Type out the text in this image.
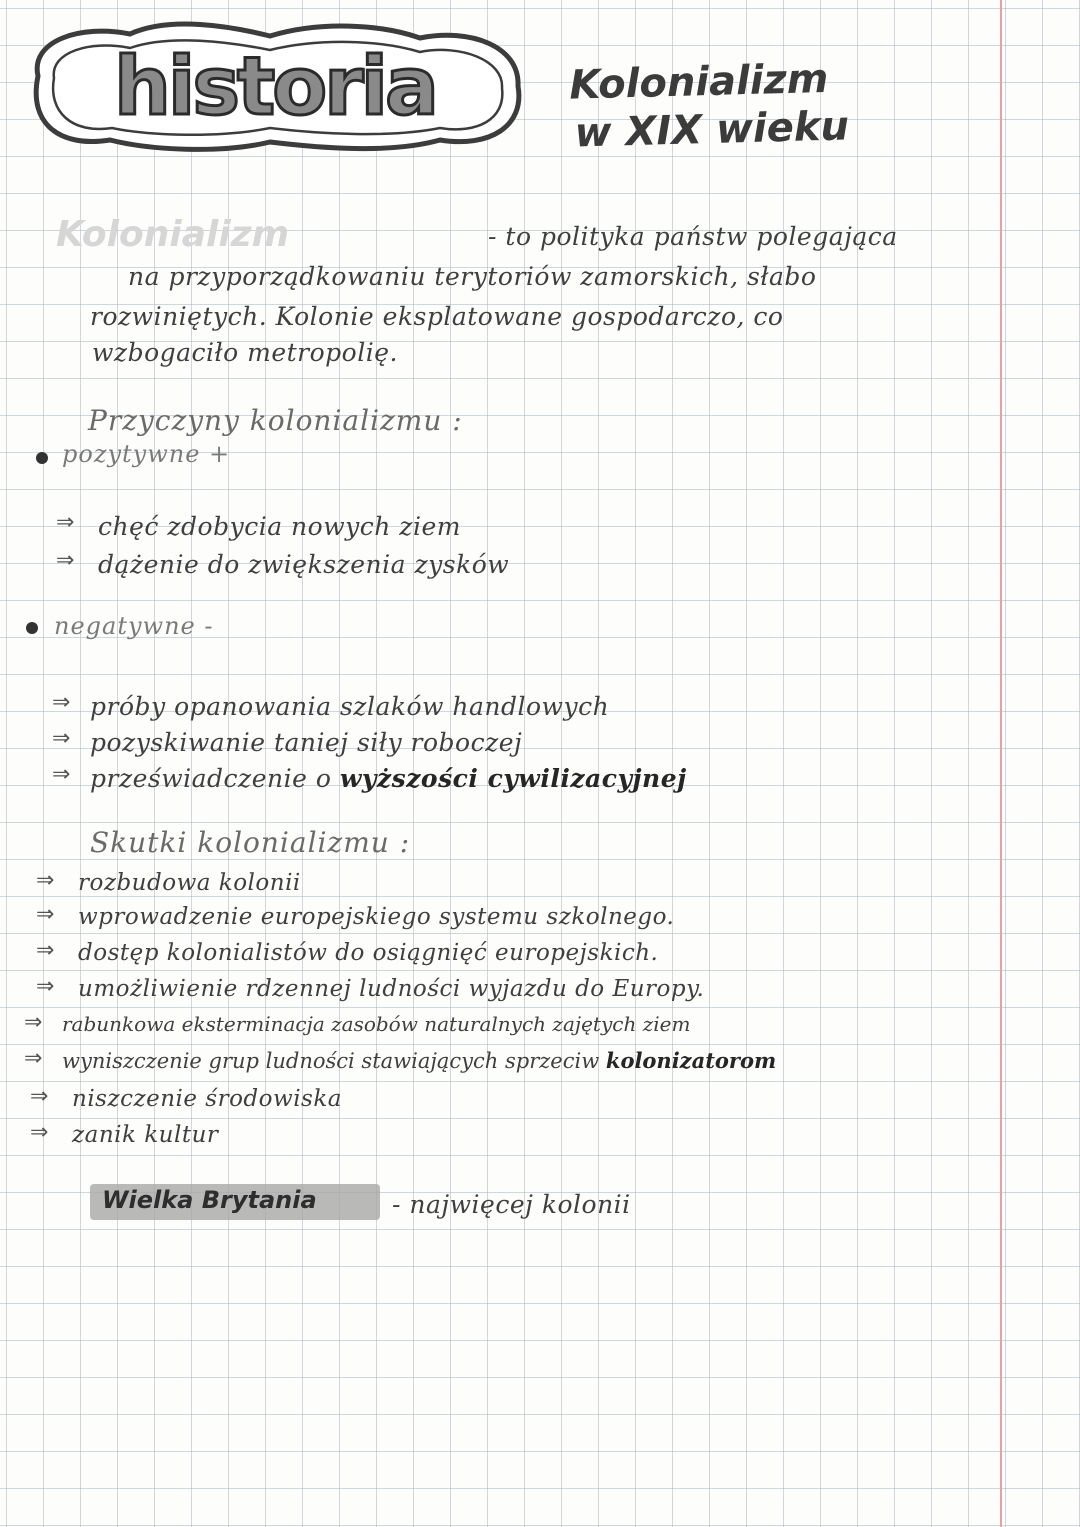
historia	Kolonializm
w XIX wieku
Kolonializm	- to polityka państw polegająca
na przyporządkowaniu terytoriów zamorskich, słabo
rozwiniętych. Kolonie eksplatowane gospodarczo, co
wzbogaciło metropolię.
Przyczyny kolonializmu :
pozytywne +
⇒ chęć zdobycia nowych ziem
⇒ dążenie do zwiększenia zysków
negatywne -
⇒ próby opanowania szlaków handlowych
⇒ pozyskiwanie taniej siły roboczej
⇒ przeświadczenie o wyższości cywilizacyjnej
Skutki kolonializmu :
⇒ rozbudowa kolonii
⇒ wprowadzenie europejskiego systemu szkolnego.
⇒ dostęp kolonialistów do osiągnięć europejskich.
⇒ umożliwienie rdzennej ludności wyjazdu do Europy.
⇒ rabunkowa eksterminacja zasobów naturalnych zajętych ziem
⇒ wyniszczenie grup ludności stawiających sprzeciw kolonizatorom
⇒ niszczenie środowiska
⇒ zanik kultur
Wielka Brytania	- najwięcej kolonii
